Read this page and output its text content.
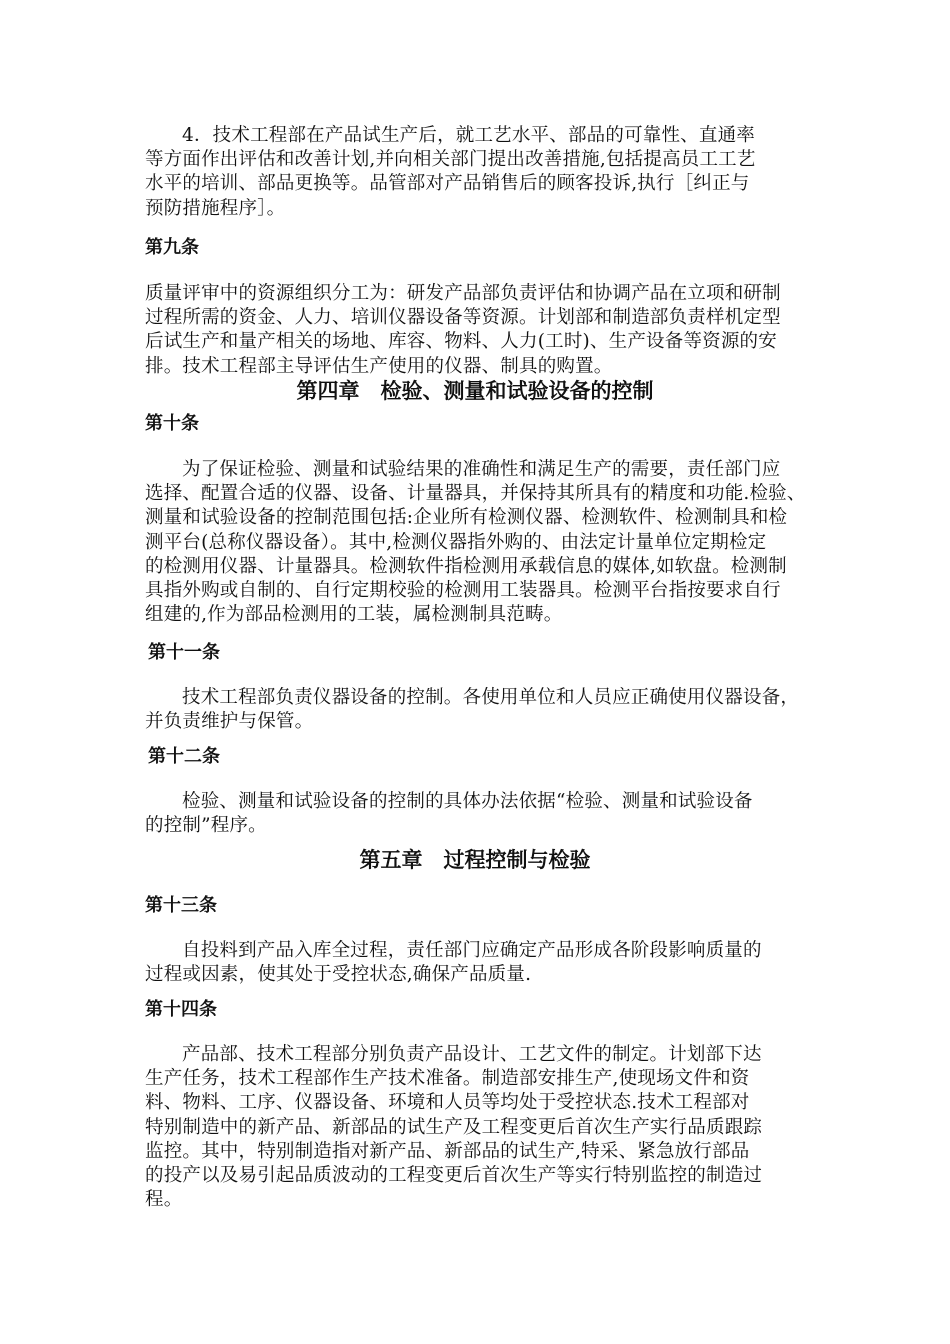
4．技术工程部在产品试生产后，就工艺水平、部品的可靠性、直通率
等方面作出评估和改善计划,并向相关部门提出改善措施,包括提高员工工艺
水平的培训、部品更换等。品管部对产品销售后的顾客投诉,执行［纠正与
预防措施程序］。

第九条

质量评审中的资源组织分工为：研发产品部负责评估和协调产品在立项和研制
过程所需的资金、人力、培训仪器设备等资源。计划部和制造部负责样机定型
后试生产和量产相关的场地、库容、物料、人力(工时)、生产设备等资源的安
排。技术工程部主导评估生产使用的仪器、制具的购置。

第四章　检验、测量和试验设备的控制

第十条

为了保证检验、测量和试验结果的准确性和满足生产的需要，责任部门应
选择、配置合适的仪器、设备、计量器具，并保持其所具有的精度和功能.检验、
测量和试验设备的控制范围包括:企业所有检测仪器、检测软件、检测制具和检
测平台(总称仪器设备）。其中,检测仪器指外购的、由法定计量单位定期检定
的检测用仪器、计量器具。检测软件指检测用承载信息的媒体,如软盘。检测制
具指外购或自制的、自行定期校验的检测用工装器具。检测平台指按要求自行
组建的,作为部品检测用的工装，属检测制具范畴。

第十一条

技术工程部负责仪器设备的控制。各使用单位和人员应正确使用仪器设备，
并负责维护与保管。

第十二条

检验、测量和试验设备的控制的具体办法依据“检验、测量和试验设备
的控制”程序。

第五章　过程控制与检验

第十三条

自投料到产品入库全过程，责任部门应确定产品形成各阶段影响质量的
过程或因素，使其处于受控状态,确保产品质量.

第十四条

产品部、技术工程部分别负责产品设计、工艺文件的制定。计划部下达
生产任务，技术工程部作生产技术准备。制造部安排生产,使现场文件和资
料、物料、工序、仪器设备、环境和人员等均处于受控状态.技术工程部对
特别制造中的新产品、新部品的试生产及工程变更后首次生产实行品质跟踪
监控。其中，特别制造指对新产品、新部品的试生产,特采、紧急放行部品
的投产以及易引起品质波动的工程变更后首次生产等实行特别监控的制造过
程。
